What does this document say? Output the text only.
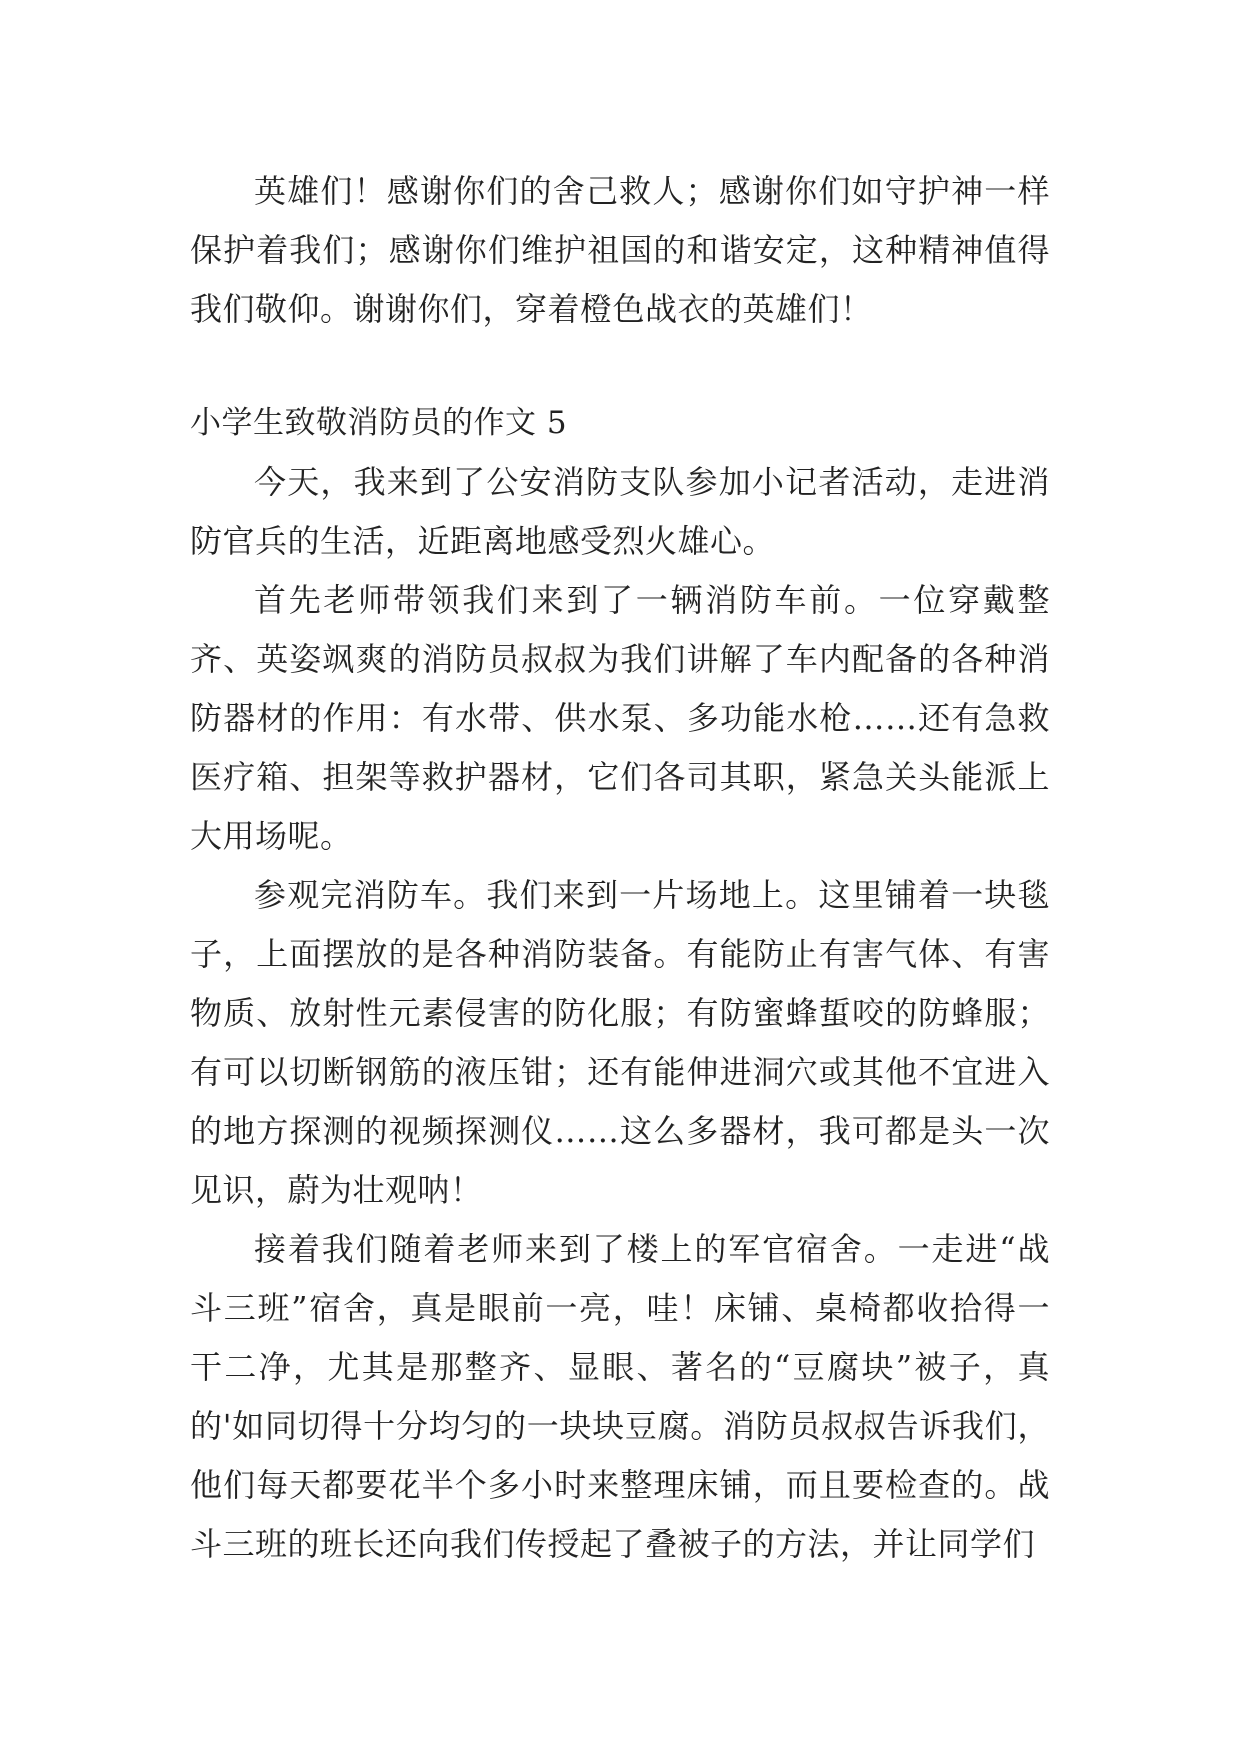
英雄们！感谢你们的舍己救人；感谢你们如守护神一样保护着我们；感谢你们维护祖国的和谐安定，这种精神值得我们敬仰。谢谢你们，穿着橙色战衣的英雄们！

小学生致敬消防员的作文 5

今天，我来到了公安消防支队参加小记者活动，走进消防官兵的生活，近距离地感受烈火雄心。

首先老师带领我们来到了一辆消防车前。一位穿戴整齐、英姿飒爽的消防员叔叔为我们讲解了车内配备的各种消防器材的作用：有水带、供水泵、多功能水枪……还有急救医疗箱、担架等救护器材，它们各司其职，紧急关头能派上大用场呢。

参观完消防车。我们来到一片场地上。这里铺着一块毯子，上面摆放的是各种消防装备。有能防止有害气体、有害物质、放射性元素侵害的防化服；有防蜜蜂蜇咬的防蜂服；有可以切断钢筋的液压钳；还有能伸进洞穴或其他不宜进入的地方探测的视频探测仪……这么多器材，我可都是头一次见识，蔚为壮观呐！

接着我们随着老师来到了楼上的军官宿舍。一走进“战斗三班”宿舍，真是眼前一亮，哇！床铺、桌椅都收拾得一干二净，尤其是那整齐、显眼、著名的“豆腐块”被子，真的'如同切得十分均匀的一块块豆腐。消防员叔叔告诉我们，他们每天都要花半个多小时来整理床铺，而且要检查的。战斗三班的班长还向我们传授起了叠被子的方法，并让同学们
